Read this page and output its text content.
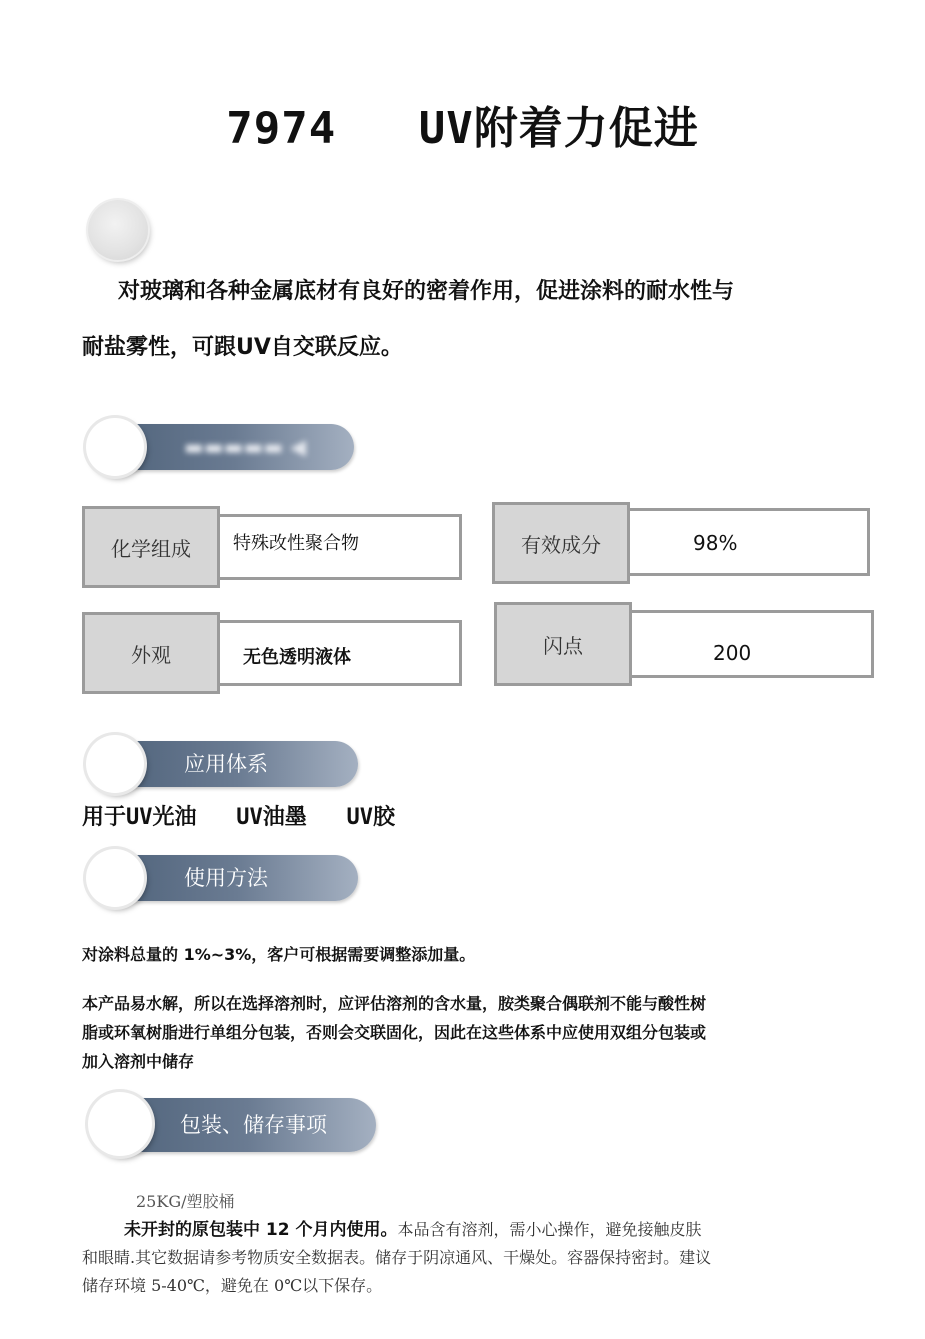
7974   UV附着力促进
对玻璃和各种金属底材有良好的密着作用，促进涂料的耐水性与
耐盐雾性，可跟UV自交联反应。
▬▬▬▬▬ ◀
特殊改性聚合物
化学组成	98%
有效成分
无色透明液体
外观	200
闪点
应用体系
用于UV光油   UV油墨   UV胶
使用方法
对涂料总量的 1%~3%，客户可根据需要调整添加量。
本产品易水解，所以在选择溶剂时，应评估溶剂的含水量，胺类聚合偶联剂不能与酸性树
脂或环氧树脂进行单组分包装，否则会交联固化，因此在这些体系中应使用双组分包装或
加入溶剂中储存
包装、储存事项
25KG/塑胶桶
未开封的原包装中 12 个月内使用。本品含有溶剂，需小心操作，避免接触皮肤
和眼睛.其它数据请参考物质安全数据表。储存于阴凉通风、干燥处。容器保持密封。建议
储存环境 5-40℃，避免在 0℃以下保存。
